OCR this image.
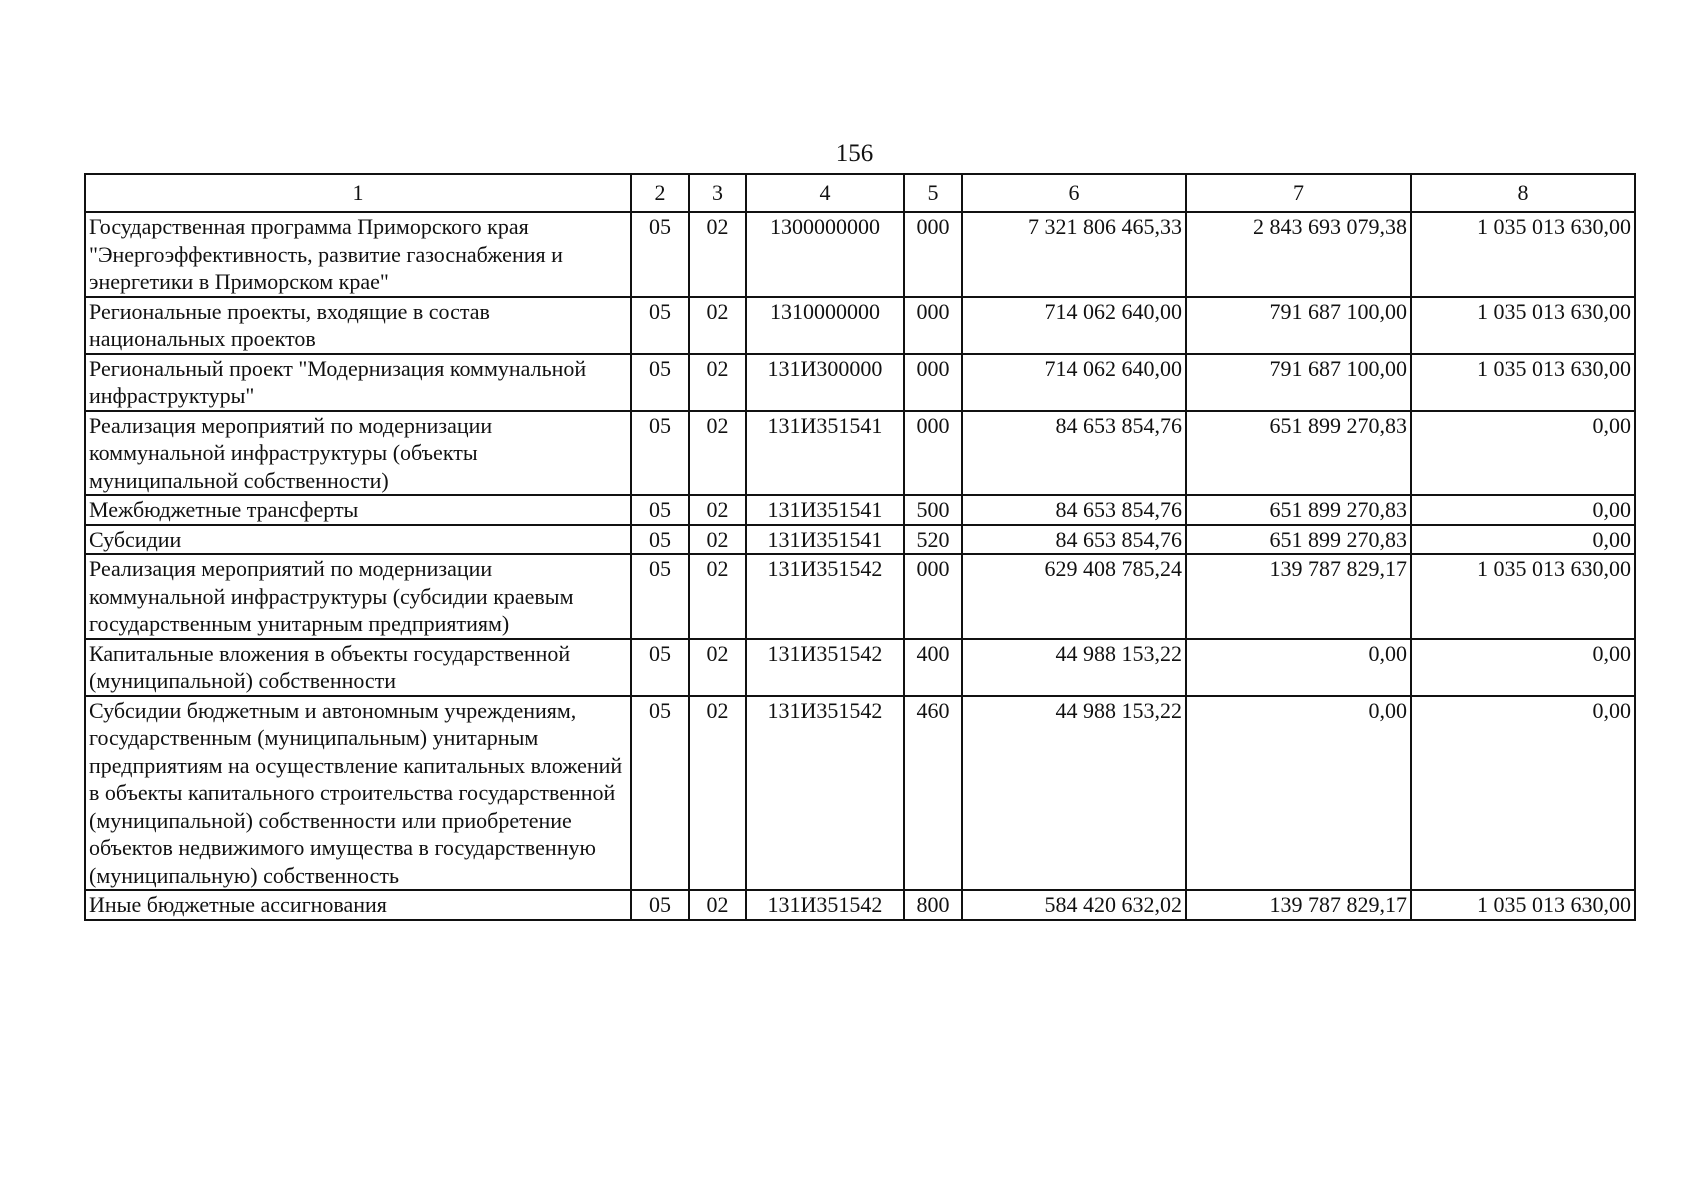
156
1	2	3	4	5	6	7	8
Государственная программа Приморского края "Энергоэффективность, развитие газоснабжения и энергетики в Приморском крае"	05	02	1300000000	000	7 321 806 465,33	2 843 693 079,38	1 035 013 630,00
Региональные проекты, входящие в состав национальных проектов	05	02	1310000000	000	714 062 640,00	791 687 100,00	1 035 013 630,00
Региональный проект "Модернизация коммунальной инфраструктуры"	05	02	131И300000	000	714 062 640,00	791 687 100,00	1 035 013 630,00
Реализация мероприятий по модернизации коммунальной инфраструктуры (объекты муниципальной собственности)	05	02	131И351541	000	84 653 854,76	651 899 270,83	0,00
Межбюджетные трансферты	05	02	131И351541	500	84 653 854,76	651 899 270,83	0,00
Субсидии	05	02	131И351541	520	84 653 854,76	651 899 270,83	0,00
Реализация мероприятий по модернизации коммунальной инфраструктуры (субсидии краевым государственным унитарным предприятиям)	05	02	131И351542	000	629 408 785,24	139 787 829,17	1 035 013 630,00
Капитальные вложения в объекты государственной (муниципальной) собственности	05	02	131И351542	400	44 988 153,22	0,00	0,00
Субсидии бюджетным и автономным учреждениям, государственным (муниципальным) унитарным предприятиям на осуществление капитальных вложений в объекты капитального строительства государственной (муниципальной) собственности или приобретение объектов недвижимого имущества в государственную (муниципальную) собственность	05	02	131И351542	460	44 988 153,22	0,00	0,00
Иные бюджетные ассигнования	05	02	131И351542	800	584 420 632,02	139 787 829,17	1 035 013 630,00
